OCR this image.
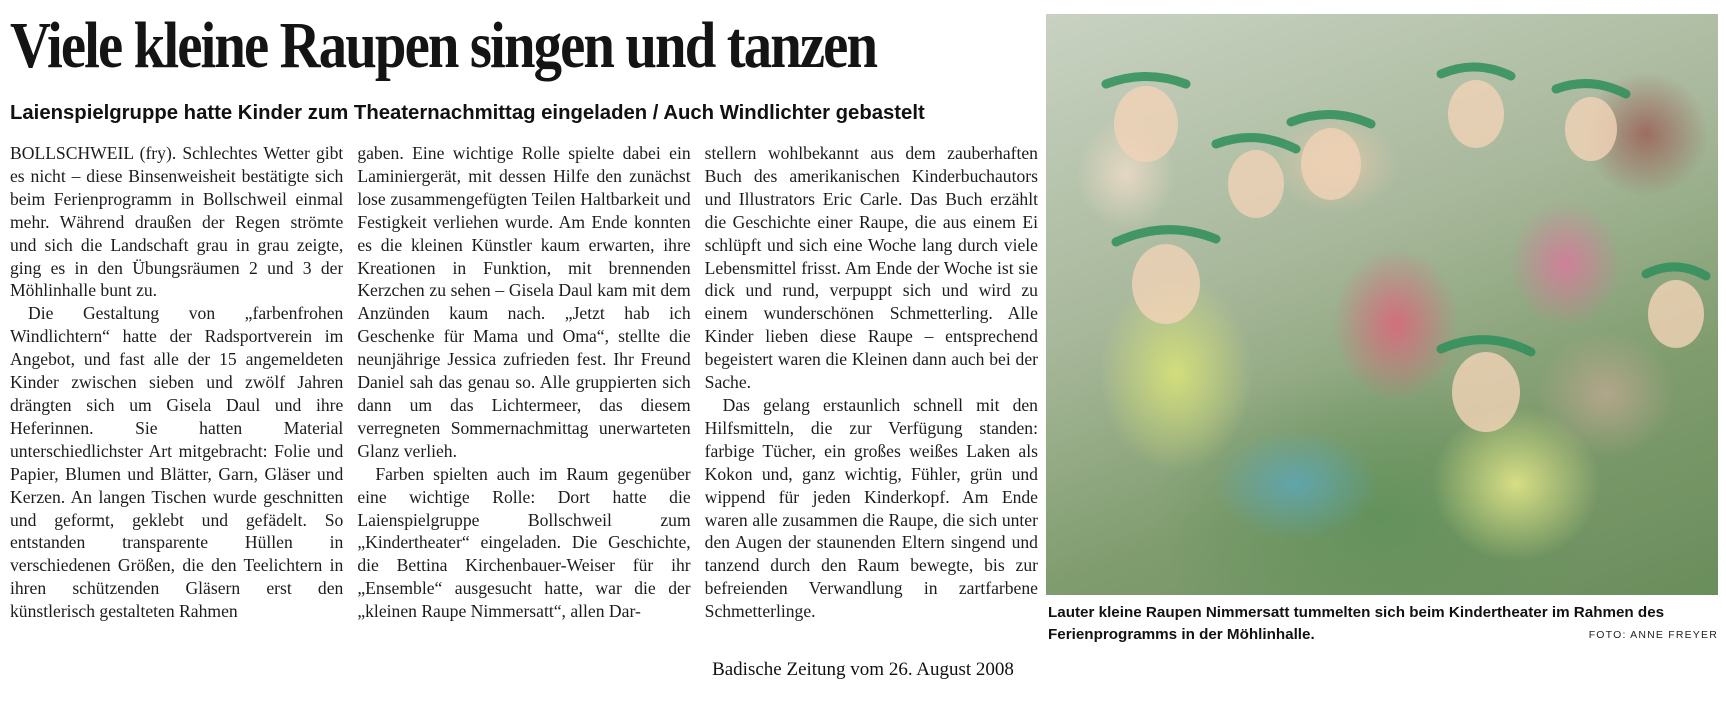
Viele kleine Raupen singen und tanzen
Laienspielgruppe hatte Kinder zum Theaternachmittag eingeladen / Auch Windlichter gebastelt

BOLLSCHWEIL (fry). Schlechtes Wetter gibt es nicht – diese Binsenweisheit bestätigte sich beim Ferienprogramm in Bollschweil einmal mehr. Während draußen der Regen strömte und sich die Landschaft grau in grau zeigte, ging es in den Übungsräumen 2 und 3 der Möhlinhalle bunt zu.

Die Gestaltung von „farbenfrohen Windlichtern“ hatte der Radsportverein im Angebot, und fast alle der 15 angemeldeten Kinder zwischen sieben und zwölf Jahren drängten sich um Gisela Daul und ihre Heferinnen. Sie hatten Material unterschiedlichster Art mitgebracht: Folie und Papier, Blumen und Blätter, Garn, Gläser und Kerzen. An langen Tischen wurde geschnitten und geformt, geklebt und gefädelt. So entstanden transparente Hüllen in verschiedenen Größen, die den Teelichtern in ihren schützenden Gläsern erst den künstlerisch gestalteten Rahmen

gaben. Eine wichtige Rolle spielte dabei ein Laminiergerät, mit dessen Hilfe den zunächst lose zusammengefügten Teilen Haltbarkeit und Festigkeit verliehen wurde. Am Ende konnten es die kleinen Künstler kaum erwarten, ihre Kreationen in Funktion, mit brennenden Kerzchen zu sehen – Gisela Daul kam mit dem Anzünden kaum nach. „Jetzt hab ich Geschenke für Mama und Oma“, stellte die neunjährige Jessica zufrieden fest. Ihr Freund Daniel sah das genau so. Alle gruppierten sich dann um das Lichtermeer, das diesem verregneten Sommernachmittag unerwarteten Glanz verlieh.

Farben spielten auch im Raum gegenüber eine wichtige Rolle: Dort hatte die Laienspielgruppe Bollschweil zum „Kindertheater“ eingeladen. Die Geschichte, die Bettina Kirchenbauer-Weiser für ihr „Ensemble“ ausgesucht hatte, war die der „kleinen Raupe Nimmersatt“, allen Dar-

stellern wohlbekannt aus dem zauberhaften Buch des amerikanischen Kinderbuchautors und Illustrators Eric Carle. Das Buch erzählt die Geschichte einer Raupe, die aus einem Ei schlüpft und sich eine Woche lang durch viele Lebensmittel frisst. Am Ende der Woche ist sie dick und rund, verpuppt sich und wird zu einem wunderschönen Schmetterling. Alle Kinder lieben diese Raupe – entsprechend begeistert waren die Kleinen dann auch bei der Sache.

Das gelang erstaunlich schnell mit den Hilfsmitteln, die zur Verfügung standen: farbige Tücher, ein großes weißes Laken als Kokon und, ganz wichtig, Fühler, grün und wippend für jeden Kinderkopf. Am Ende waren alle zusammen die Raupe, die sich unter den Augen der staunenden Eltern singend und tanzend durch den Raum bewegte, bis zur befreienden Verwandlung in zartfarbene Schmetterlinge.	Lauter kleine Raupen Nimmersatt tummelten sich beim Kindertheater im Rahmen des Ferienprogramms in der Möhlinhalle.	FOTO: ANNE FREYER
Badische Zeitung vom 26. August 2008
